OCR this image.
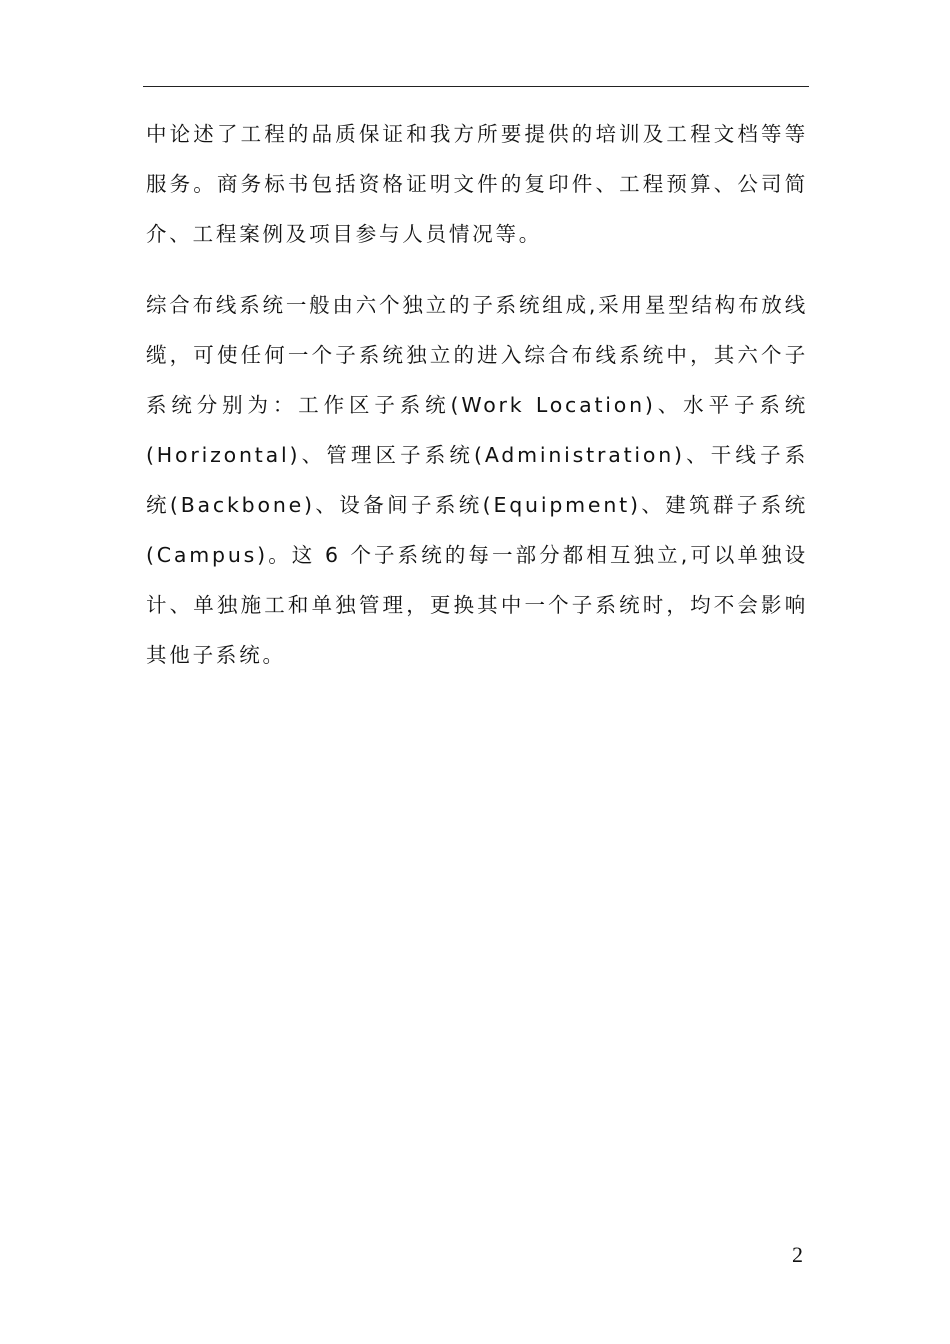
中论述了工程的品质保证和我方所要提供的培训及工程文档等等服务。商务标书包括资格证明文件的复印件、工程预算、公司简介、工程案例及项目参与人员情况等。

综合布线系统一般由六个独立的子系统组成,采用星型结构布放线缆，可使任何一个子系统独立的进入综合布线系统中，其六个子系统分别为：工作区子系统(Work Location)、水平子系统(Horizontal)、管理区子系统(Administration)、干线子系统(Backbone)、设备间子系统(Equipment)、建筑群子系统(Campus)。这 6 个子系统的每一部分都相互独立,可以单独设计、单独施工和单独管理，更换其中一个子系统时，均不会影响其他子系统。

2
